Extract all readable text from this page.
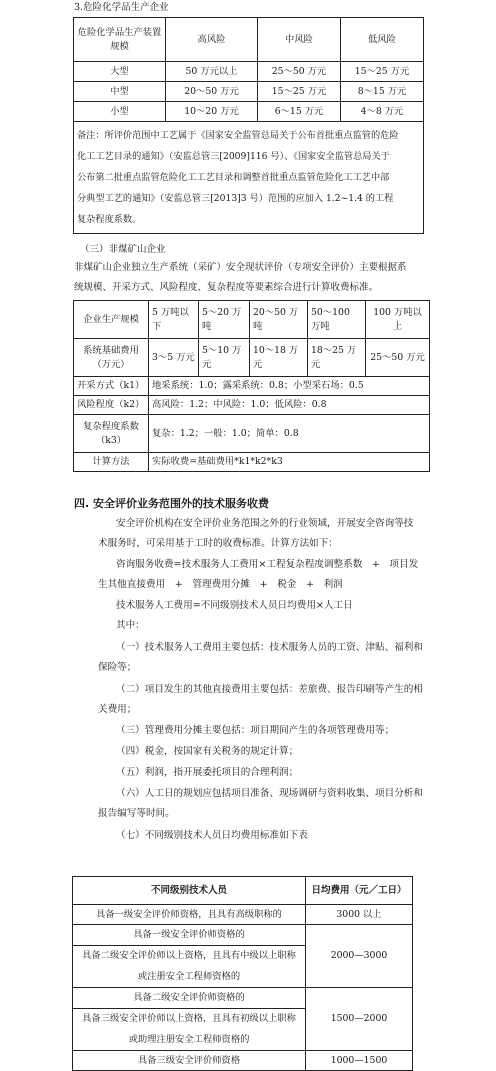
3.危险化学品生产企业
危险化学品生产装置规模	高风险	中风险	低风险
大型	50 万元以上	25～50 万元	15～25 万元
中型	20～50 万元	15～25 万元	8～15 万元
小型	10～20 万元	6～15 万元	4～8 万元

备注：所评价范围中工艺属于《国家安全监管总局关于公布首批重点监管的危险
化工工艺目录的通知》（安监总管三[2009]116 号）、《国家安全监管总局关于
公布第二批重点监管危险化工工艺目录和调整首批重点监管危险化工工艺中部
分典型工艺的通知》（安监总管三[2013]3 号）范围的应加入 1.2~1.4 的工程
复杂程度系数。			
（三）非煤矿山企业
非煤矿山企业独立生产系统（采矿）安全现状评价（专项安全评价）主要根据系
统规模、开采方式、风险程度、复杂程度等要素综合进行计算收费标准。
企业生产规模	5 万吨以下	5～20 万吨	20～50 万吨	50～100 万吨	100 万吨以上
系统基础费用（万元）	3～5 万元	5～10 万元	10～18 万元	18～25 万元	25～50 万元
开采方式（k1）	地采系统：1.0；露采系统：0.8；小型采石场：0.5				
风险程度（k2）	高风险：1.2；中风险：1.0；低风险：0.8				
复杂程度系数（k3）	复杂：1.2；一般：1.0；简单：0.8				
计算方法	实际收费=基础费用*k1*k2*k3				
四. 安全评价业务范围外的技术服务收费
安全评价机构在安全评价业务范围之外的行业领域，开展安全咨询等技
术服务时，可采用基于工时的收费标准。计算方法如下：
咨询服务收费=技术服务人工费用×工程复杂程度调整系数　+　项目发
生其他直接费用　+　管理费用分摊　+　税金　+　利润
技术服务人工费用=不同级别技术人员日均费用×人工日
其中：
（一）技术服务人工费用主要包括：技术服务人员的工资、津贴、福利和
保险等；
（二）项目发生的其他直接费用主要包括：差旅费、报告印刷等产生的相
关费用；
（三）管理费用分摊主要包括：项目期间产生的各项管理费用等；
（四）税金，按国家有关税务的规定计算；
（五）利润，指开展委托项目的合理利润；
（六）人工日的规划应包括项目准备、现场调研与资料收集、项目分析和
报告编写等时间。
（七）不同级别技术人员日均费用标准如下表
不同级别技术人员	日均费用（元／工日）
具备一级安全评价师资格，且具有高级职称的	3000 以上

具备一级安全评价师资格的
具备二级安全评价师以上资格，且具有中级以上职称
或注册安全工程师资格的	2000—3000

具备二级安全评价师资格的
具备三级安全评价师以上资格，且具有初级以上职称
或助理注册安全工程师资格的	1500—2000
具备三级安全评价师资格	1000—1500
